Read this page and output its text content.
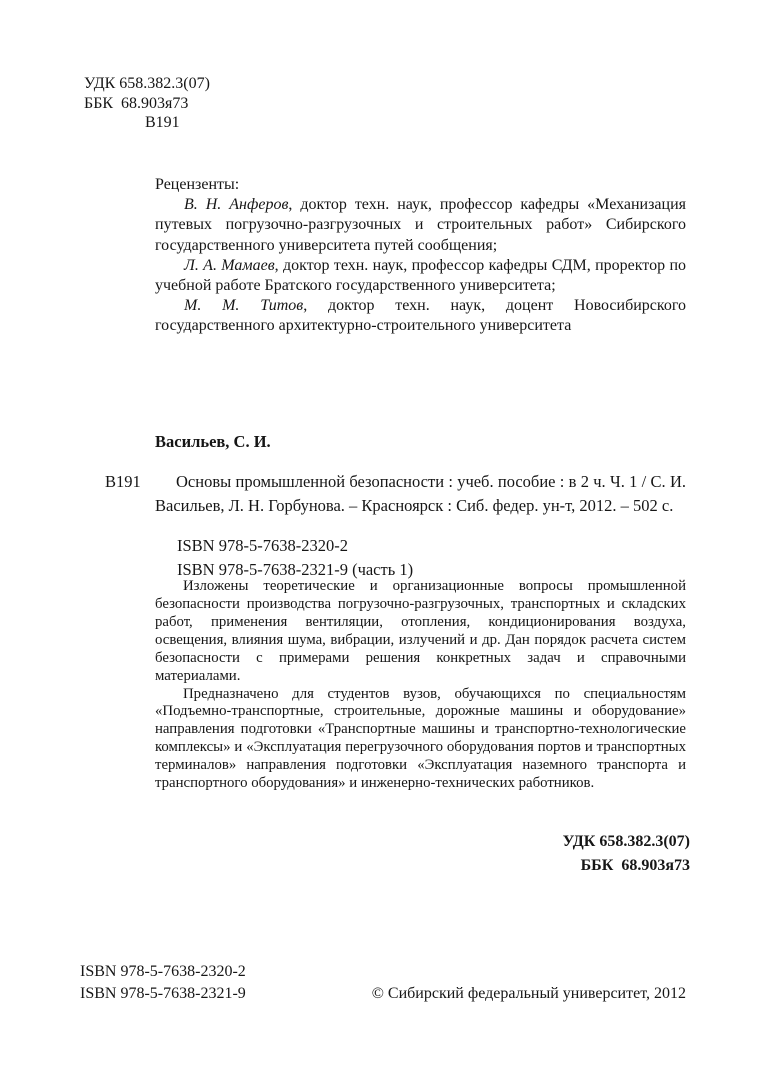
УДК 658.382.3(07)
ББК  68.903я73
В191

Рецензенты:

В. Н. Анферов, доктор техн. наук, профессор кафедры «Механизация путевых погрузочно-разгрузочных и строительных работ» Сибирского государственного университета путей сообщения;

Л. А. Мамаев, доктор техн. наук, профессор кафедры СДМ, проректор по учебной работе Братского государственного университета;

М. М. Титов, доктор техн. наук, доцент Новосибирского государственного архитектурно-строительного университета

Васильев, С. И.

В191 Основы промышленной безопасности : учеб. пособие : в 2 ч. Ч. 1 / С. И. Васильев, Л. Н. Горбунова. – Красноярск : Сиб. федер. ун-т, 2012. – 502 с.

ISBN 978-5-7638-2320-2
ISBN 978-5-7638-2321-9 (часть 1)

Изложены теоретические и организационные вопросы промышленной безопасности производства погрузочно-разгрузочных, транспортных и складских работ, применения вентиляции, отопления, кондиционирования воздуха, освещения, влияния шума, вибрации, излучений и др. Дан порядок расчета систем безопасности с примерами решения конкретных задач и справочными материалами.

Предназначено для студентов вузов, обучающихся по специальностям «Подъемно-транспортные, строительные, дорожные машины и оборудование» направления подготовки «Транспортные машины и транспортно-технологические комплексы» и «Эксплуатация перегрузочного оборудования портов и транспортных терминалов» направления подготовки «Эксплуатация наземного транспорта и транспортного оборудования» и инженерно-технических работников.

УДК 658.382.3(07)
ББК  68.903я73
ISBN 978-5-7638-2320-2
ISBN 978-5-7638-2321-9	© Сибирский федеральный университет, 2012
